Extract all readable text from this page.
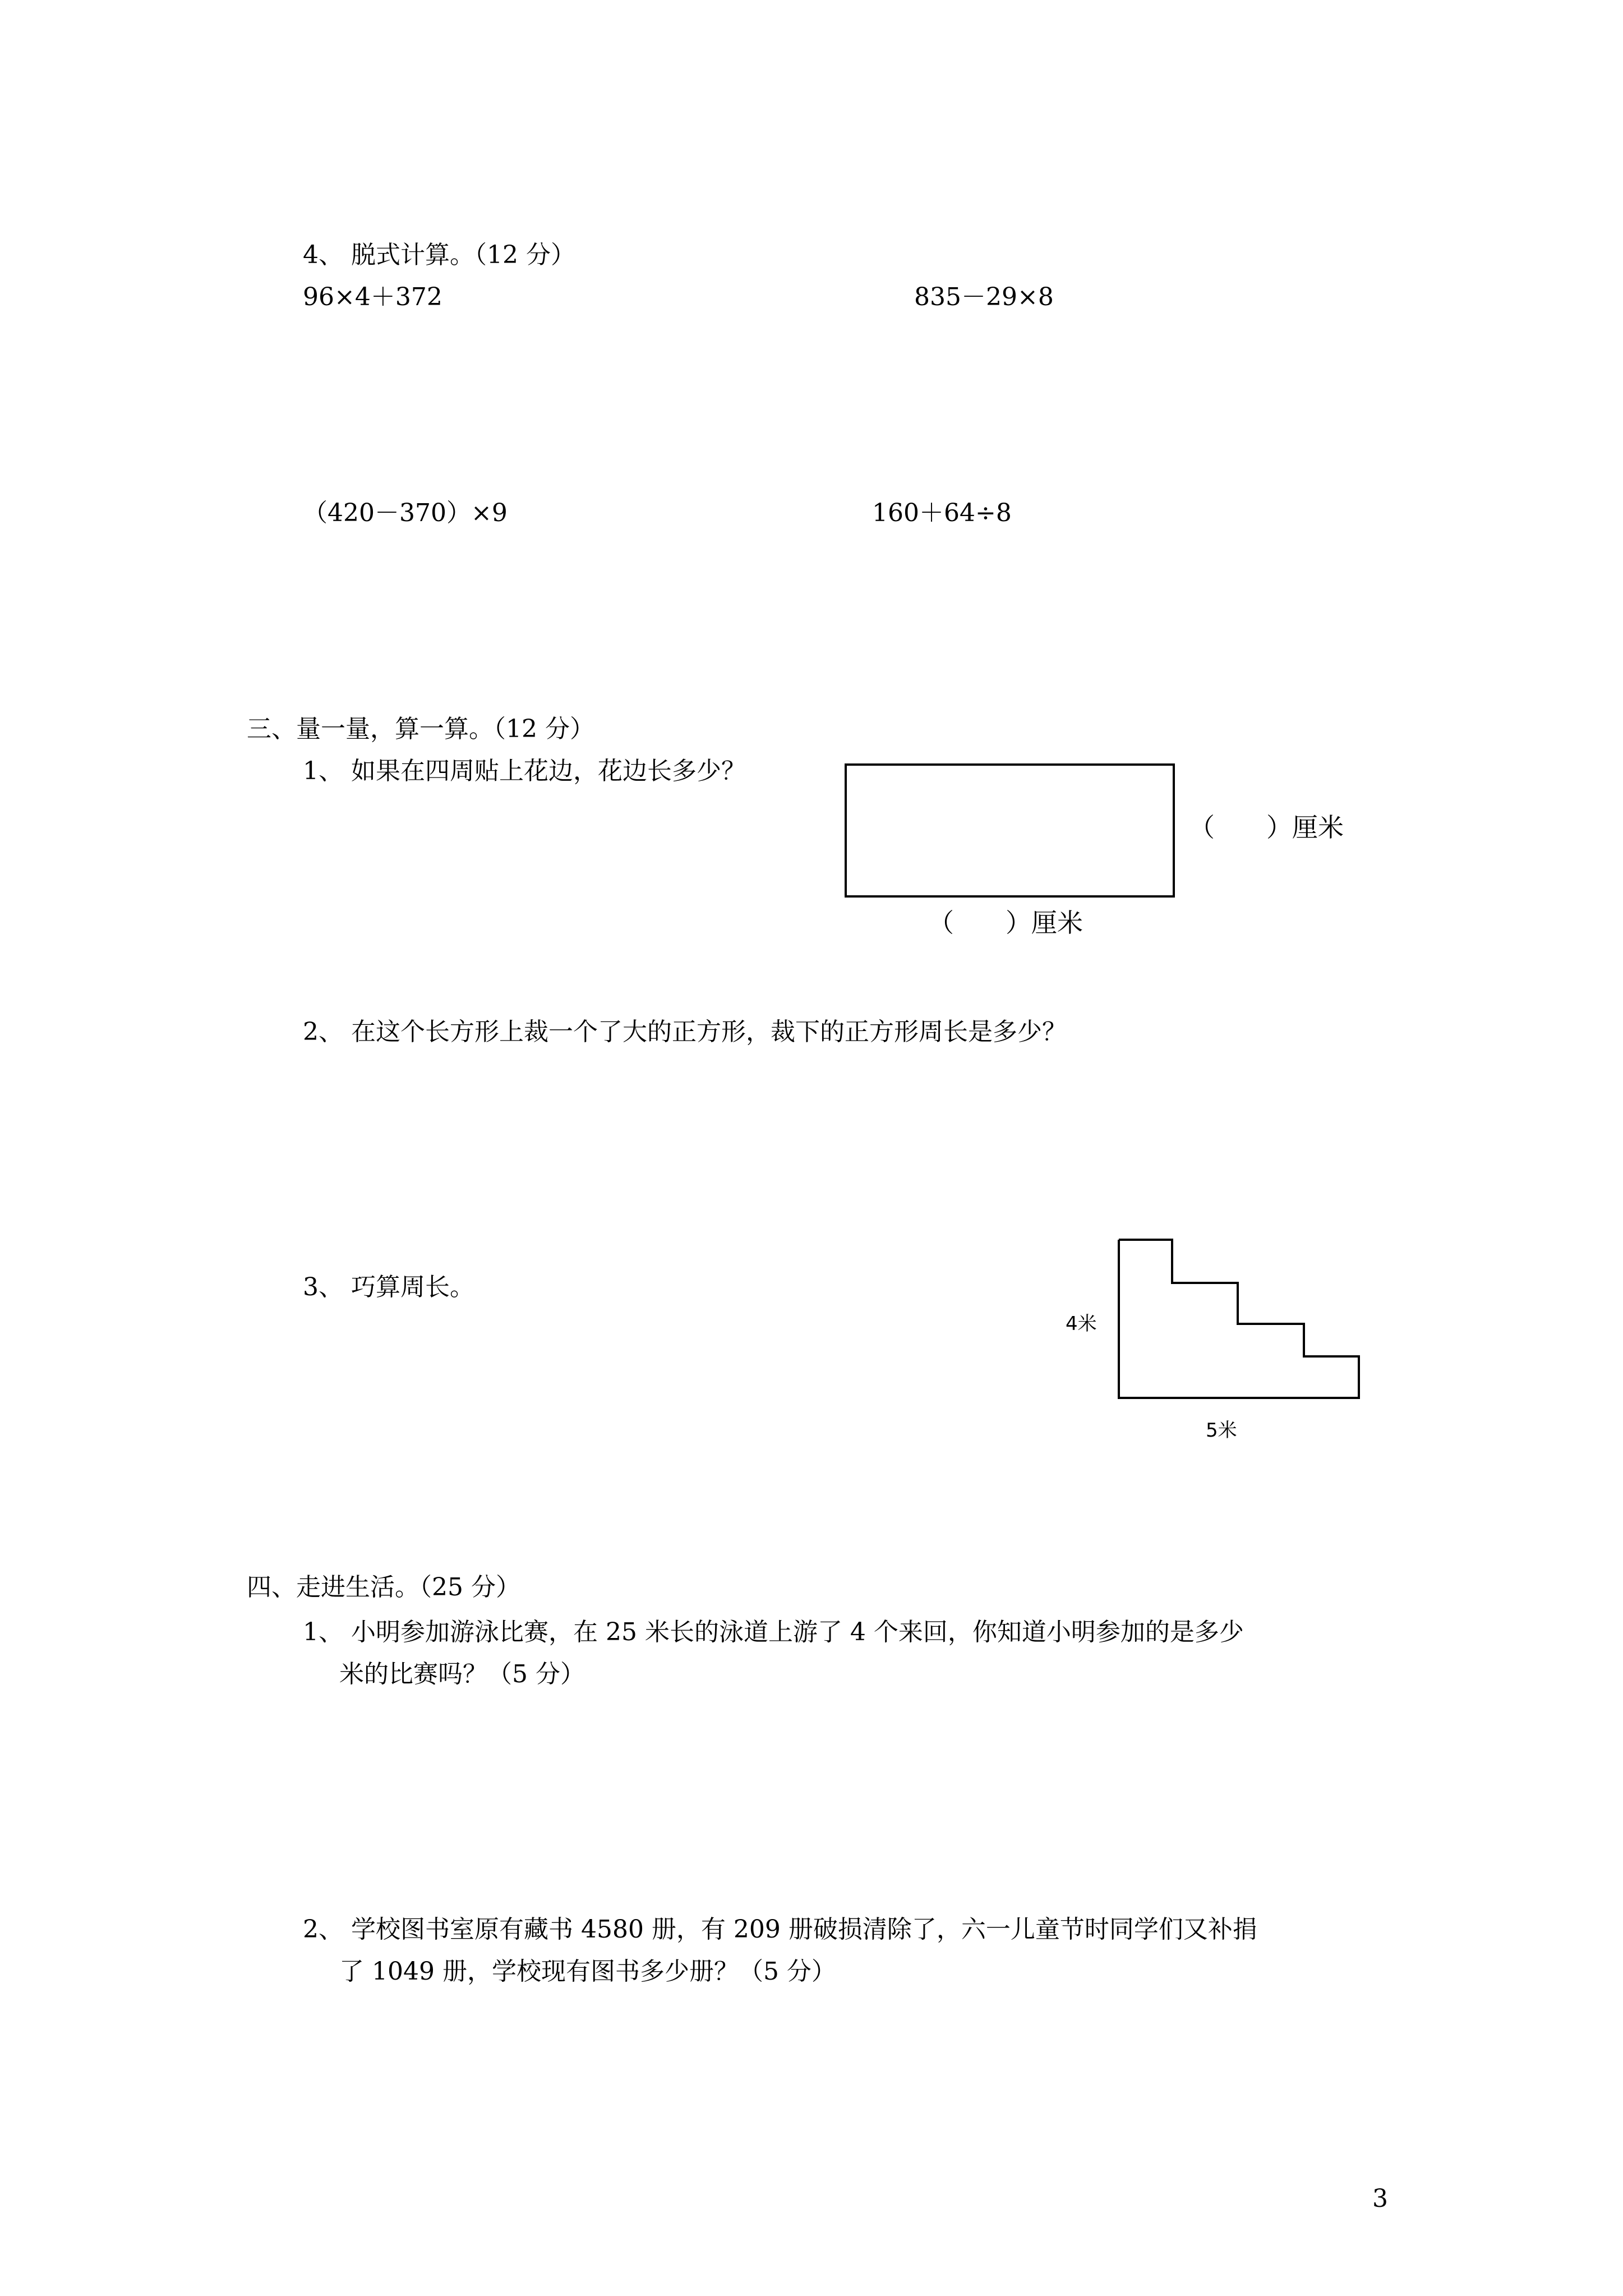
4、 脱式计算。（12 分）
96×4＋372	835－29×8
（420－370）×9	160＋64÷8
三、量一量，算一算。（12 分）
1、 如果在四周贴上花边，花边长多少？
（　　）厘米
（　　）厘米
2、 在这个长方形上裁一个了大的正方形，裁下的正方形周长是多少？
3、 巧算周长。
4米
5米
四、走进生活。（25 分）
1、 小明参加游泳比赛，在 25 米长的泳道上游了 4 个来回，你知道小明参加的是多少
米的比赛吗？（5 分）
2、 学校图书室原有藏书 4580 册，有 209 册破损清除了，六一儿童节时同学们又补捐
了 1049 册，学校现有图书多少册？（5 分）
3
